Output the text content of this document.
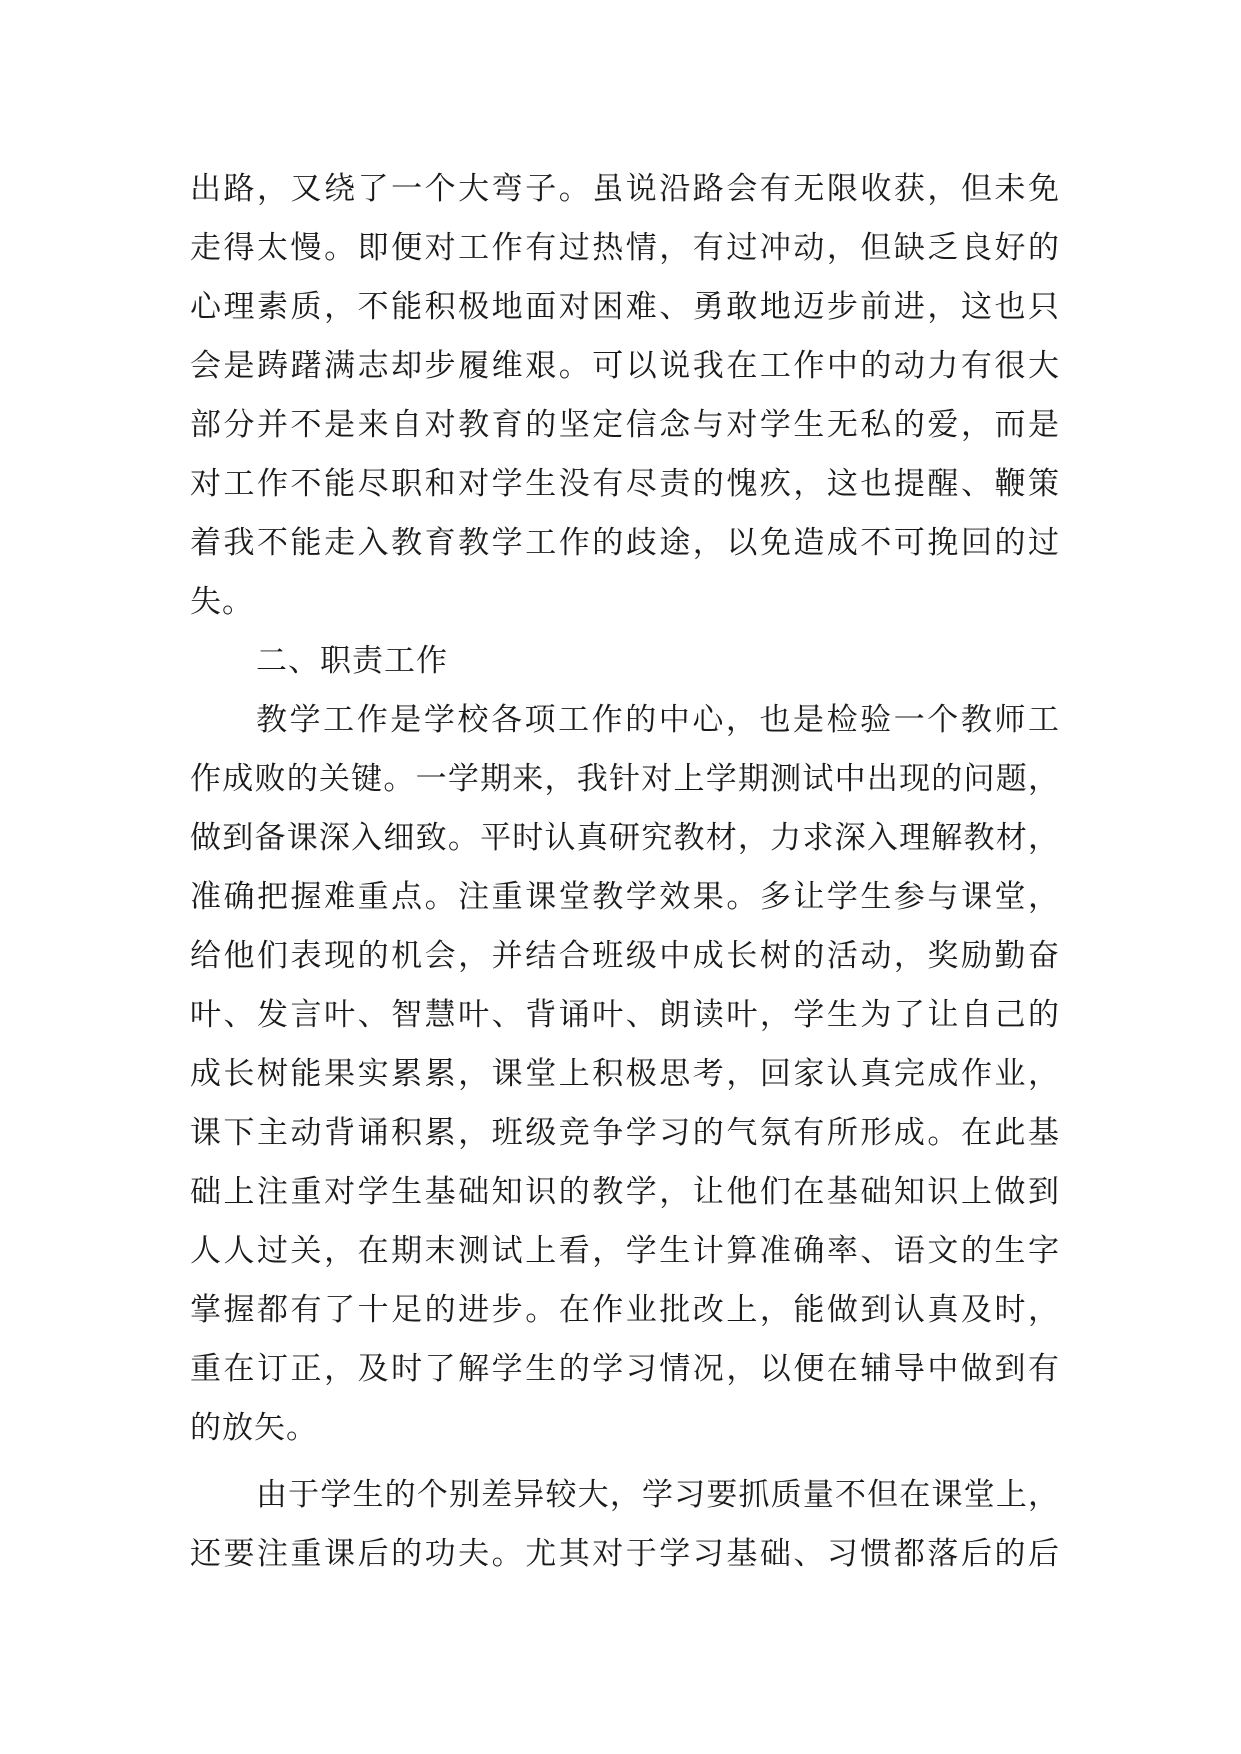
出路，又绕了一个大弯子。虽说沿路会有无限收获，但未免
走得太慢。即便对工作有过热情，有过冲动，但缺乏良好的
心理素质，不能积极地面对困难、勇敢地迈步前进，这也只
会是踌躇满志却步履维艰。可以说我在工作中的动力有很大
部分并不是来自对教育的坚定信念与对学生无私的爱，而是
对工作不能尽职和对学生没有尽责的愧疚，这也提醒、鞭策
着我不能走入教育教学工作的歧途，以免造成不可挽回的过
失。
二、职责工作
教学工作是学校各项工作的中心，也是检验一个教师工
作成败的关键。一学期来，我针对上学期测试中出现的问题，
做到备课深入细致。平时认真研究教材，力求深入理解教材，
准确把握难重点。注重课堂教学效果。多让学生参与课堂，
给他们表现的机会，并结合班级中成长树的活动，奖励勤奋
叶、发言叶、智慧叶、背诵叶、朗读叶，学生为了让自己的
成长树能果实累累，课堂上积极思考，回家认真完成作业，
课下主动背诵积累，班级竞争学习的气氛有所形成。在此基
础上注重对学生基础知识的教学，让他们在基础知识上做到
人人过关，在期末测试上看，学生计算准确率、语文的生字
掌握都有了十足的进步。在作业批改上，能做到认真及时，
重在订正，及时了解学生的学习情况，以便在辅导中做到有
的放矢。
由于学生的个别差异较大，学习要抓质量不但在课堂上，
还要注重课后的功夫。尤其对于学习基础、习惯都落后的后
